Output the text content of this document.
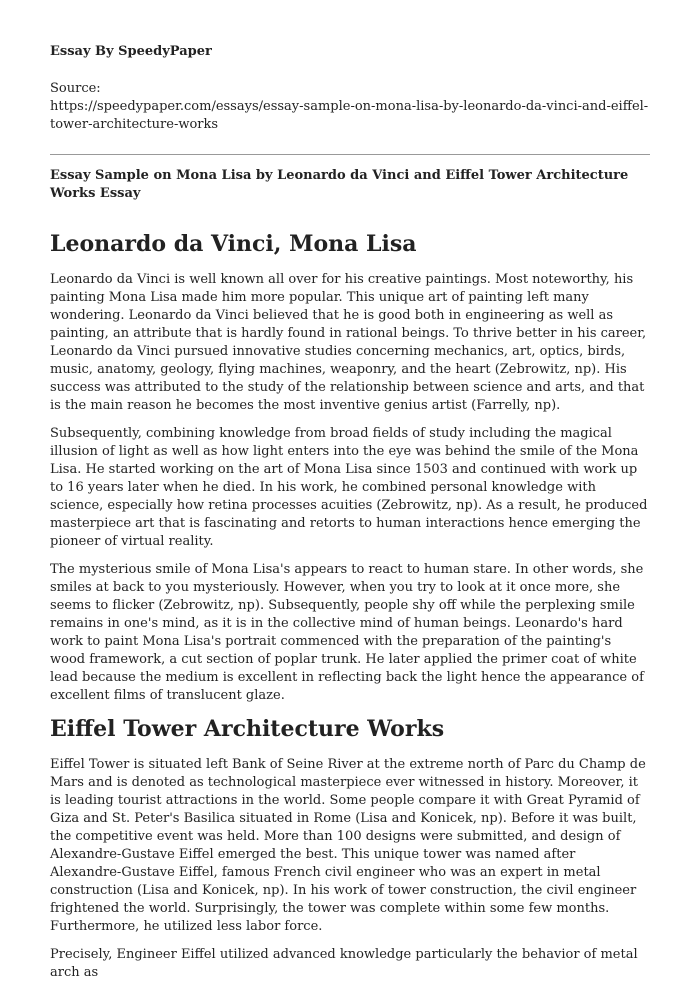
Essay By SpeedyPaper

Source:
https://speedypaper.com/essays/essay-sample-on-mona-lisa-by-leonardo-da-vinci-and-eiffel-tower-architecture-works

Essay Sample on Mona Lisa by Leonardo da Vinci and Eiffel Tower Architecture Works Essay

Leonardo da Vinci, Mona Lisa

Leonardo da Vinci is well known all over for his creative paintings. Most noteworthy, his painting Mona Lisa made him more popular. This unique art of painting left many wondering. Leonardo da Vinci believed that he is good both in engineering as well as painting, an attribute that is hardly found in rational beings. To thrive better in his career, Leonardo da Vinci pursued innovative studies concerning mechanics, art, optics, birds, music, anatomy, geology, flying machines, weaponry, and the heart (Zebrowitz, np). His success was attributed to the study of the relationship between science and arts, and that is the main reason he becomes the most inventive genius artist (Farrelly, np).

Subsequently, combining knowledge from broad fields of study including the magical illusion of light as well as how light enters into the eye was behind the smile of the Mona Lisa. He started working on the art of Mona Lisa since 1503 and continued with work up to 16 years later when he died. In his work, he combined personal knowledge with science, especially how retina processes acuities (Zebrowitz, np). As a result, he produced masterpiece art that is fascinating and retorts to human interactions hence emerging the pioneer of virtual reality.

The mysterious smile of Mona Lisa's appears to react to human stare. In other words, she smiles at back to you mysteriously. However, when you try to look at it once more, she seems to flicker (Zebrowitz, np). Subsequently, people shy off while the perplexing smile remains in one's mind, as it is in the collective mind of human beings. Leonardo's hard work to paint Mona Lisa's portrait commenced with the preparation of the painting's wood framework, a cut section of poplar trunk. He later applied the primer coat of white lead because the medium is excellent in reflecting back the light hence the appearance of excellent films of translucent glaze.

Eiffel Tower Architecture Works

Eiffel Tower is situated left Bank of Seine River at the extreme north of Parc du Champ de Mars and is denoted as technological masterpiece ever witnessed in history. Moreover, it is leading tourist attractions in the world. Some people compare it with Great Pyramid of Giza and St. Peter's Basilica situated in Rome (Lisa and Konicek, np). Before it was built, the competitive event was held. More than 100 designs were submitted, and design of Alexandre-Gustave Eiffel emerged the best. This unique tower was named after Alexandre-Gustave Eiffel, famous French civil engineer who was an expert in metal construction (Lisa and Konicek, np). In his work of tower construction, the civil engineer frightened the world. Surprisingly, the tower was complete within some few months. Furthermore, he utilized less labor force.

Precisely, Engineer Eiffel utilized advanced knowledge particularly the behavior of metal arch as
